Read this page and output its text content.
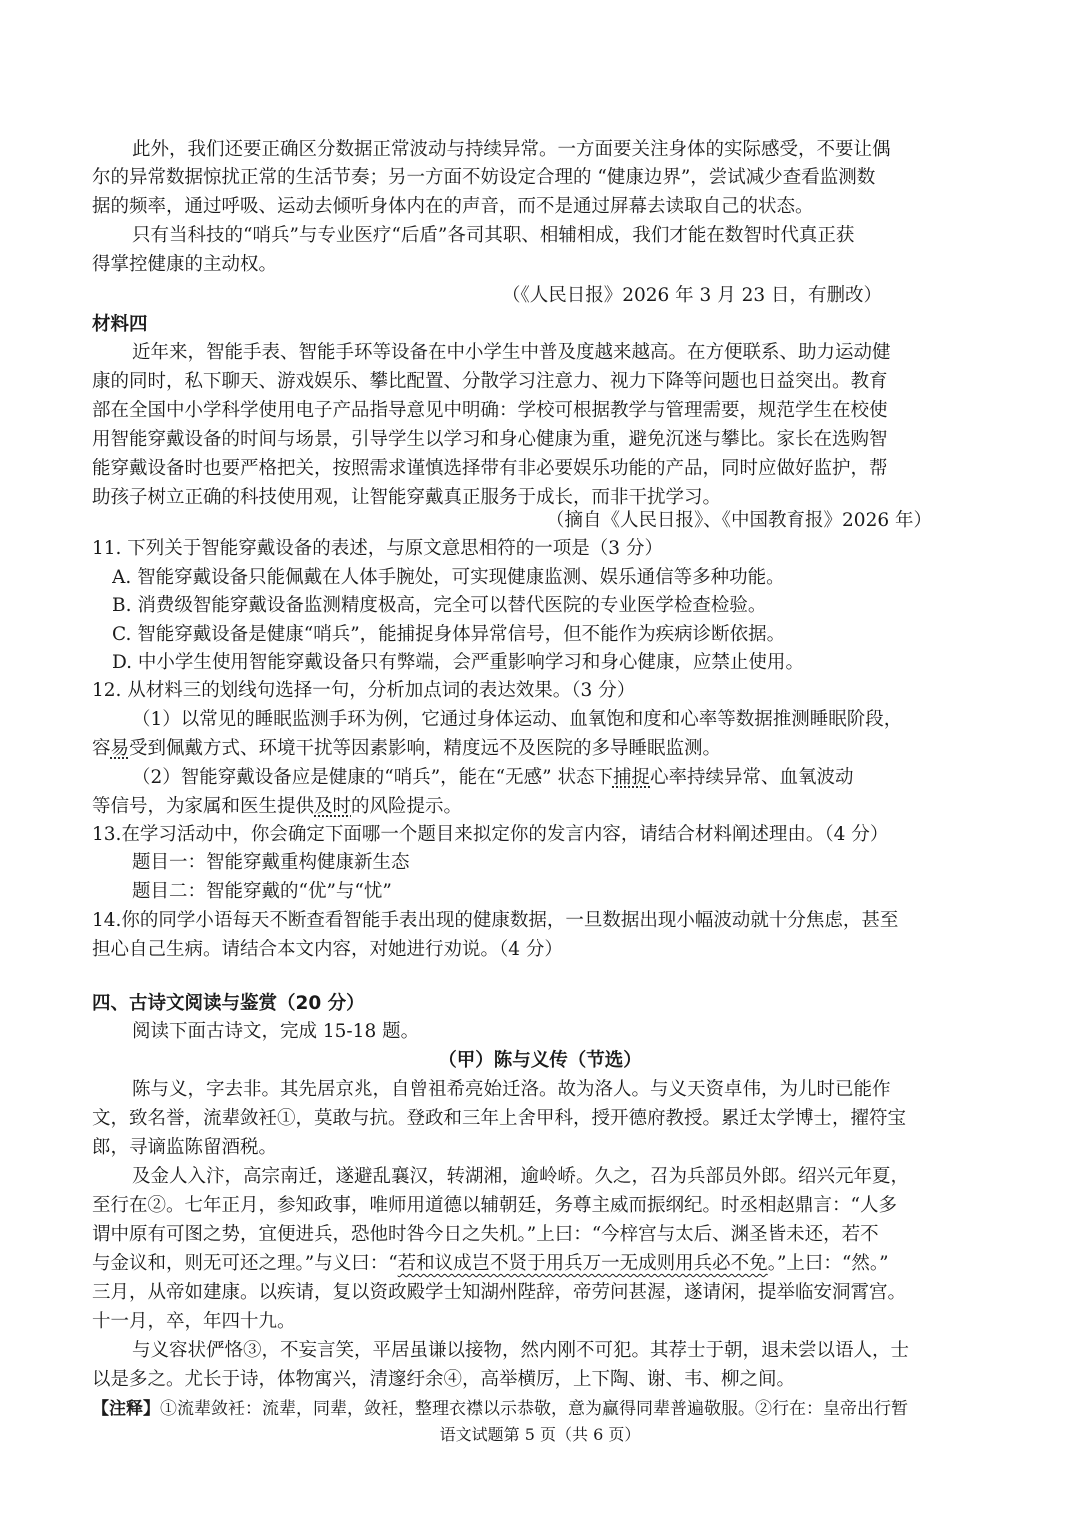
此外，我们还要正确区分数据正常波动与持续异常。一方面要关注身体的实际感受，不要让偶
尔的异常数据惊扰正常的生活节奏；另一方面不妨设定合理的 “健康边界”，尝试减少查看监测数
据的频率，通过呼吸、运动去倾听身体内在的声音，而不是通过屏幕去读取自己的状态。
只有当科技的“哨兵”与专业医疗“后盾”各司其职、相辅相成，我们才能在数智时代真正获
得掌控健康的主动权。
（《人民日报》2026 年 3 月 23 日，有删改）
材料四
近年来，智能手表、智能手环等设备在中小学生中普及度越来越高。在方便联系、助力运动健
康的同时，私下聊天、游戏娱乐、攀比配置、分散学习注意力、视力下降等问题也日益突出。教育
部在全国中小学科学使用电子产品指导意见中明确：学校可根据教学与管理需要，规范学生在校使
用智能穿戴设备的时间与场景，引导学生以学习和身心健康为重，避免沉迷与攀比。家长在选购智
能穿戴设备时也要严格把关，按照需求谨慎选择带有非必要娱乐功能的产品，同时应做好监护，帮
助孩子树立正确的科技使用观，让智能穿戴真正服务于成长，而非干扰学习。
（摘自《人民日报》、《中国教育报》2026 年）
11. 下列关于智能穿戴设备的表述，与原文意思相符的一项是（3 分）
A. 智能穿戴设备只能佩戴在人体手腕处，可实现健康监测、娱乐通信等多种功能。
B. 消费级智能穿戴设备监测精度极高，完全可以替代医院的专业医学检查检验。
C. 智能穿戴设备是健康“哨兵”，能捕捉身体异常信号，但不能作为疾病诊断依据。
D. 中小学生使用智能穿戴设备只有弊端，会严重影响学习和身心健康，应禁止使用。
12. 从材料三的划线句选择一句，分析加点词的表达效果。（3 分）
（1）以常见的睡眠监测手环为例，它通过身体运动、血氧饱和度和心率等数据推测睡眠阶段，
容易受到佩戴方式、环境干扰等因素影响，精度远不及医院的多导睡眠监测。
（2）智能穿戴设备应是健康的“哨兵”，能在“无感” 状态下捕捉心率持续异常、血氧波动
等信号，为家属和医生提供及时的风险提示。
13.在学习活动中，你会确定下面哪一个题目来拟定你的发言内容，请结合材料阐述理由。（4 分）
题目一：智能穿戴重构健康新生态
题目二：智能穿戴的“优”与“忧”
14.你的同学小语每天不断查看智能手表出现的健康数据，一旦数据出现小幅波动就十分焦虑，甚至
担心自己生病。请结合本文内容，对她进行劝说。（4 分）
四、古诗文阅读与鉴赏（20 分）
阅读下面古诗文，完成 15-18 题。
（甲）陈与义传（节选）
陈与义，字去非。其先居京兆，自曾祖希亮始迁洛。故为洛人。与义天资卓伟，为儿时已能作
文，致名誉，流辈敛衽①，莫敢与抗。登政和三年上舍甲科，授开德府教授。累迁太学博士，擢符宝
郎，寻谪监陈留酒税。
及金人入汴，高宗南迁，遂避乱襄汉，转湖湘，逾岭峤。久之，召为兵部员外郎。绍兴元年夏，
至行在②。七年正月，参知政事，唯师用道德以辅朝廷，务尊主威而振纲纪。时丞相赵鼎言：“人多
谓中原有可图之势，宜便进兵，恐他时咎今日之失机。”上曰：“今梓宫与太后、渊圣皆未还，若不
与金议和，则无可还之理。”与义曰：“若和议成岂不贤于用兵万一无成则用兵必不免。”上曰：“然。”
三月，从帝如建康。以疾请，复以资政殿学士知湖州陛辞，帝劳问甚渥，遂请闲，提举临安洞霄宫。
十一月，卒，年四十九。
与义容状俨恪③，不妄言笑，平居虽谦以接物，然内刚不可犯。其荐士于朝，退未尝以语人，士
以是多之。尤长于诗，体物寓兴，清邃纡余④，高举横厉，上下陶、谢、韦、柳之间。
【注释】①流辈敛衽：流辈，同辈，敛衽，整理衣襟以示恭敬，意为赢得同辈普遍敬服。②行在：皇帝出行暂
语文试题第 5 页（共 6 页）
